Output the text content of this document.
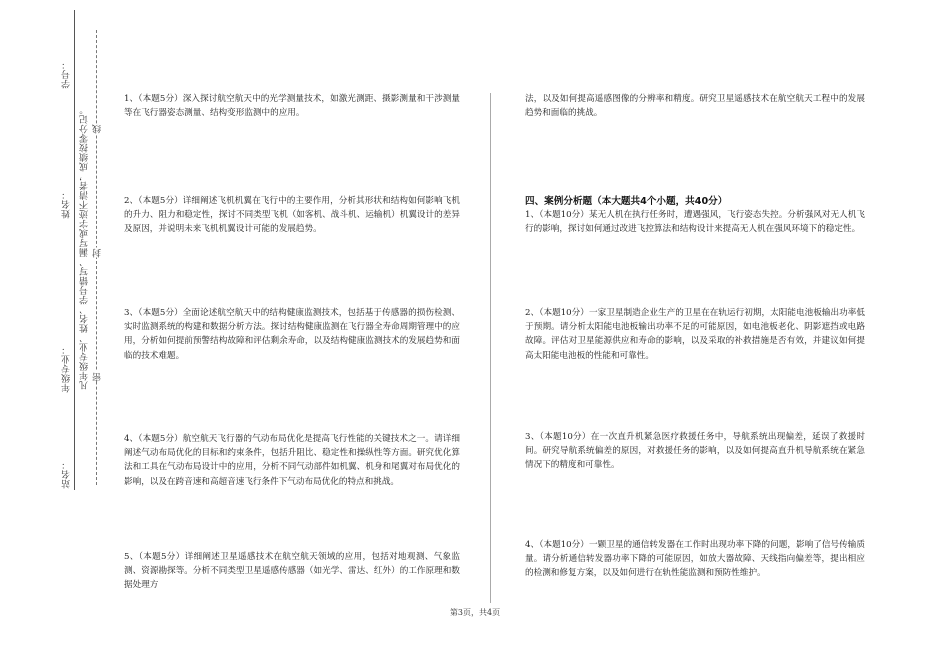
学号：
姓名：
年级专业：
站名：
凡年级专业、姓名、学号错写、漏写或字迹不清者，成绩按零分记。 密
封
线
1、（本题5分）深入探讨航空航天中的光学测量技术，如激光测距、摄影测量和干涉测量等在飞行器姿态测量、结构变形监测中的应用。
2、（本题5分）详细阐述飞机机翼在飞行中的主要作用，分析其形状和结构如何影响飞机的升力、阻力和稳定性，探讨不同类型飞机（如客机、战斗机、运输机）机翼设计的差异及原因，并说明未来飞机机翼设计可能的发展趋势。
3、（本题5分）全面论述航空航天中的结构健康监测技术，包括基于传感器的损伤检测、实时监测系统的构建和数据分析方法。探讨结构健康监测在飞行器全寿命周期管理中的应用，分析如何提前预警结构故障和评估剩余寿命，以及结构健康监测技术的发展趋势和面临的技术难题。
4、（本题5分）航空航天飞行器的气动布局优化是提高飞行性能的关键技术之一。请详细阐述气动布局优化的目标和约束条件，包括升阻比、稳定性和操纵性等方面。研究优化算法和工具在气动布局设计中的应用，分析不同气动部件如机翼、机身和尾翼对布局优化的影响，以及在跨音速和高超音速飞行条件下气动布局优化的特点和挑战。
5、（本题5分）详细阐述卫星遥感技术在航空航天领域的应用，包括对地观测、气象监测、资源勘探等。分析不同类型卫星遥感传感器（如光学、雷达、红外）的工作原理和数据处理方
法，以及如何提高遥感图像的分辨率和精度。研究卫星遥感技术在航空航天工程中的发展趋势和面临的挑战。
四、案例分析题（本大题共4个小题，共40分）
1、（本题10分）某无人机在执行任务时，遭遇强风，飞行姿态失控。分析强风对无人机飞行的影响，探讨如何通过改进飞控算法和结构设计来提高无人机在强风环境下的稳定性。
2、（本题10分）一家卫星制造企业生产的卫星在在轨运行初期，太阳能电池板输出功率低于预期。请分析太阳能电池板输出功率不足的可能原因，如电池板老化、阴影遮挡或电路故障。评估对卫星能源供应和寿命的影响，以及采取的补救措施是否有效，并建议如何提高太阳能电池板的性能和可靠性。
3、（本题10分）在一次直升机紧急医疗救援任务中，导航系统出现偏差，延误了救援时间。研究导航系统偏差的原因，对救援任务的影响，以及如何提高直升机导航系统在紧急情况下的精度和可靠性。
4、（本题10分）一颗卫星的通信转发器在工作时出现功率下降的问题，影响了信号传输质量。请分析通信转发器功率下降的可能原因，如放大器故障、天线指向偏差等，提出相应的检测和修复方案，以及如何进行在轨性能监测和预防性维护。
第3页，共4页
